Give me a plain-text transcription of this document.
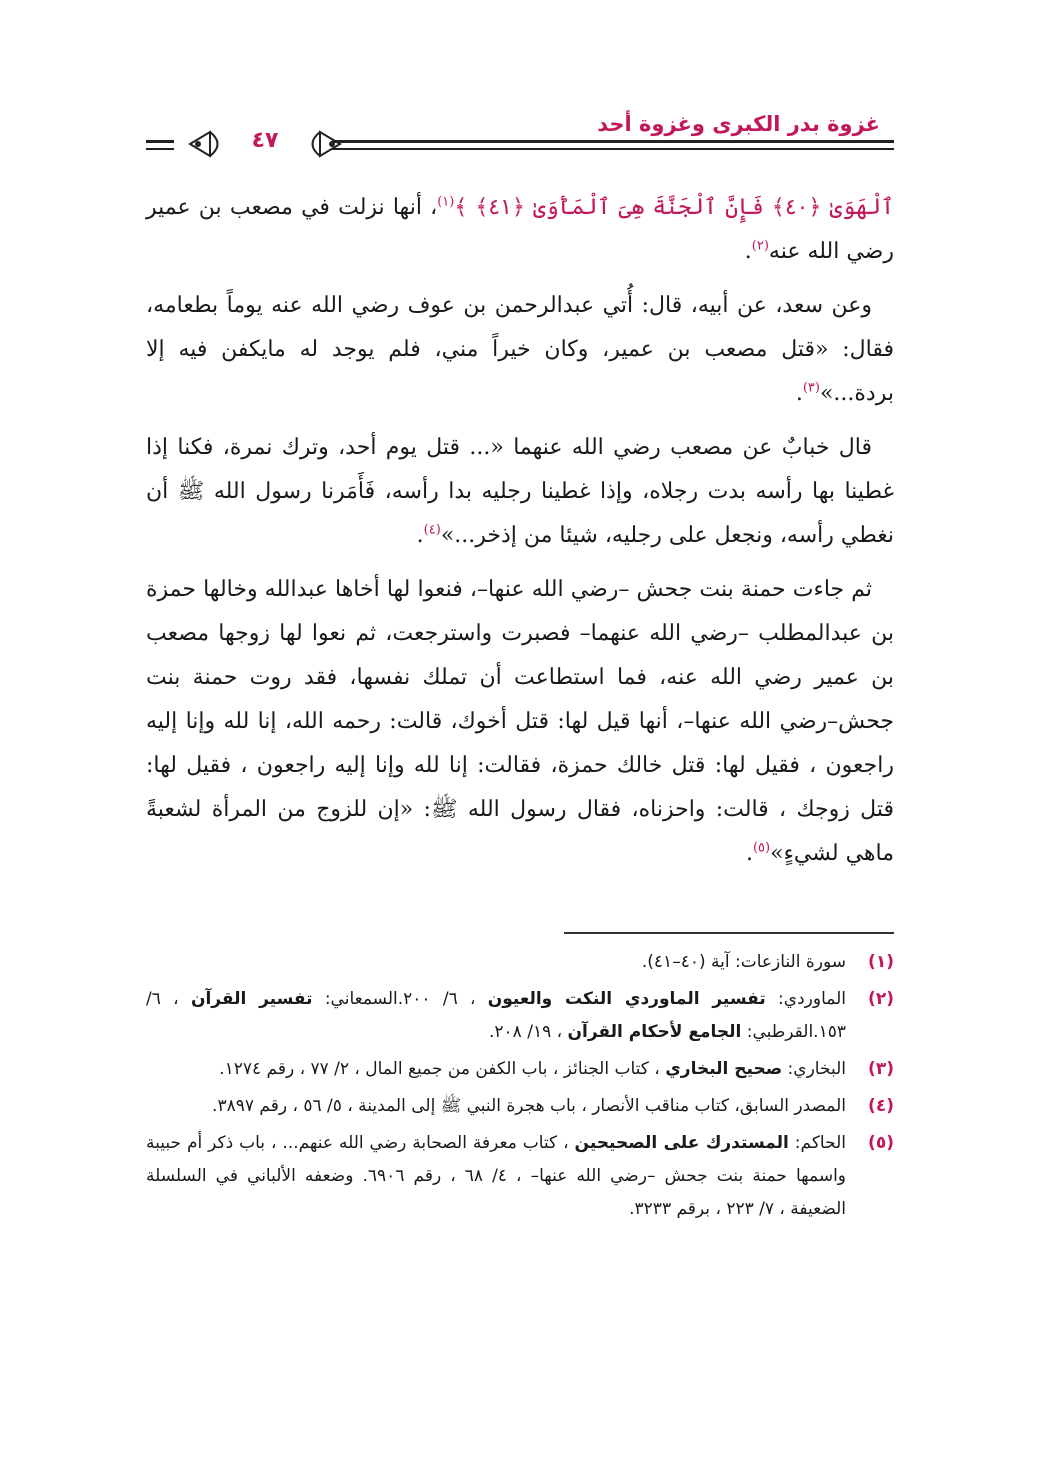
غزوة بدر الكبرى وغزوة أحد
٤٧

ٱلْهَوَىٰ ﴿٤٠﴾ فَإِنَّ ٱلْجَنَّةَ هِىَ ٱلْمَأْوَىٰ ﴿٤١﴾ ﴾$^{(١)}$، أنها نزلت في مصعب بن عمير رضي الله عنه$^{(٢)}$.

وعن سعد، عن أبيه، قال: أُتي عبدالرحمن بن عوف رضي الله عنه يوماً بطعامه، فقال: «قتل مصعب بن عمير، وكان خيراً مني، فلم يوجد له مايكفن فيه إلا بردة...»$^{(٣)}$.

قال خبابٌ عن مصعب رضي الله عنهما «... قتل يوم أحد، وترك نمرة، فكنا إذا غطينا بها رأسه بدت رجلاه، وإذا غطينا رجليه بدا رأسه، فَأَمَرنا رسول الله ﷺ أن نغطي رأسه، ونجعل على رجليه، شيئا من إذخر...»$^{(٤)}$.

ثم جاءت حمنة بنت جحش –رضي الله عنها–، فنعوا لها أخاها عبدالله وخالها حمزة بن عبدالمطلب –رضي الله عنهما– فصبرت واسترجعت، ثم نعوا لها زوجها مصعب بن عمير رضي الله عنه، فما استطاعت أن تملك نفسها، فقد روت حمنة بنت جحش–رضي الله عنها–، أنها قيل لها: قتل أخوك، قالت: رحمه الله، إنا لله وإنا إليه راجعون ، فقيل لها: قتل خالك حمزة، فقالت: إنا لله وإنا إليه راجعون ، فقيل لها: قتل زوجك ، قالت: واحزناه، فقال رسول الله ﷺ: «إن للزوج من المرأة لشعبةً ماهي لشيءٍ»$^{(٥)}$.

(١)
سورة النازعات: آية (٤٠–٤١).
(٢)
الماوردي: تفسير الماوردي النكت والعيون ، ٦/ ٢٠٠.السمعاني: تفسير القرآن ، ٦/ ١٥٣.القرطبي: الجامع لأحكام القرآن ، ١٩/ ٢٠٨.
(٣)
البخاري: صحيح البخاري ، كتاب الجنائز ، باب الكفن من جميع المال ، ٢/ ٧٧ ، رقم ١٢٧٤.
(٤)
المصدر السابق، كتاب مناقب الأنصار ، باب هجرة النبي ﷺ إلى المدينة ، ٥/ ٥٦ ، رقم ٣٨٩٧.
(٥)
الحاكم: المستدرك على الصحيحين ، كتاب معرفة الصحابة رضي الله عنهم... ، باب ذكر أم حبيبة واسمها حمنة بنت جحش –رضي الله عنها– ، ٤/ ٦٨ ، رقم ٦٩٠٦. وضعفه الألباني في السلسلة الضعيفة ، ٧/ ٢٢٣ ، برقم ٣٢٣٣.
